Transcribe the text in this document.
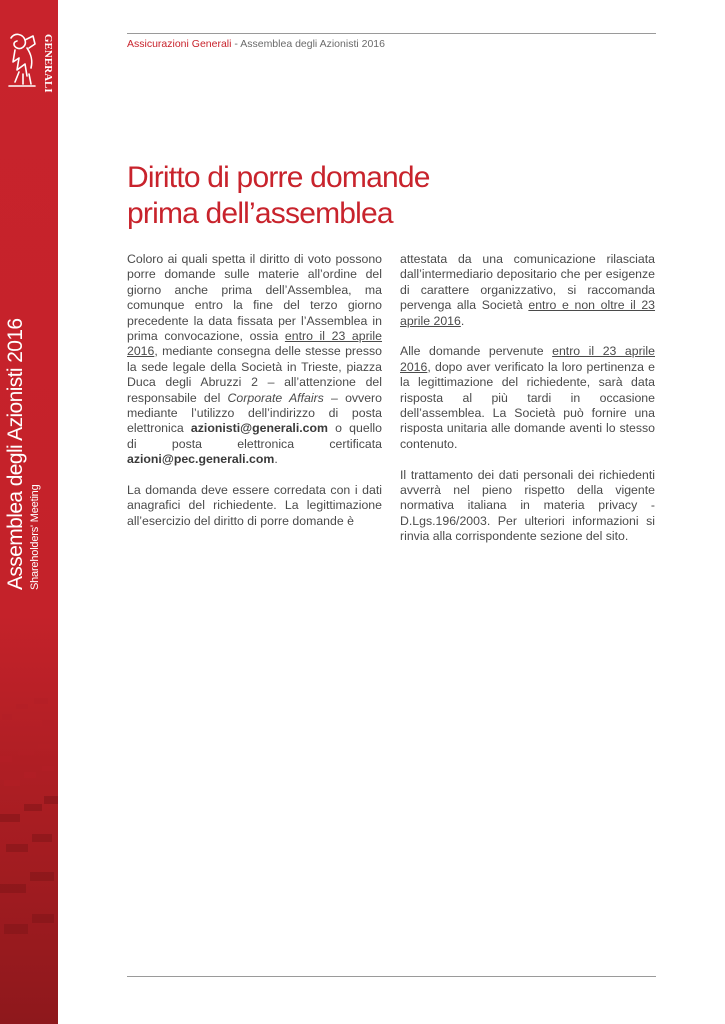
GENERALI
Assemblea degli Azionisti 2016 Shareholders' Meeting
Assicurazioni Generali - Assemblea degli Azionisti 2016
Diritto di porre domande
prima dell’assemblea

Coloro ai quali spetta il diritto di voto possono porre domande sulle materie all’ordine del giorno anche prima dell’Assemblea, ma comunque entro la fine del terzo giorno precedente la data fissata per l’Assemblea in prima convocazione, ossia entro il 23 aprile 2016, mediante consegna delle stesse presso la sede legale della Società in Trieste, piazza Duca degli Abruzzi 2 – all’attenzione del responsabile del Corporate Affairs – ovvero mediante l’utilizzo dell’indirizzo di posta elettronica azionisti@generali.com o quello di posta elettronica certificata azioni@pec.generali.com.

La domanda deve essere corredata con i dati anagrafici del richiedente. La legittimazione all’esercizio del diritto di porre domande è

attestata da una comunicazione rilasciata dall’intermediario depositario che per esigenze di carattere organizzativo, si raccomanda pervenga alla Società entro e non oltre il 23 aprile 2016.

Alle domande pervenute entro il 23 aprile 2016, dopo aver verificato la loro pertinenza e la legittimazione del richiedente, sarà data risposta al più tardi in occasione dell’assemblea. La Società può fornire una risposta unitaria alle domande aventi lo stesso contenuto.

Il trattamento dei dati personali dei richiedenti avverrà nel pieno rispetto della vigente normativa italiana in materia privacy - D.Lgs.196/2003. Per ulteriori informazioni si rinvia alla corrispondente sezione del sito.
